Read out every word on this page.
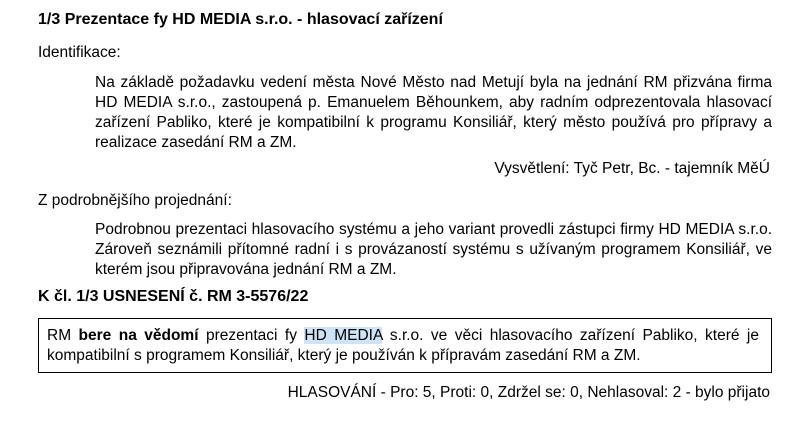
1/3 Prezentace fy HD MEDIA s.r.o. - hlasovací zařízení
Identifikace:
Na základě požadavku vedení města Nové Město nad Metují byla na jednání RM přizvána firma HD MEDIA s.r.o., zastoupená p. Emanuelem Běhounkem, aby radním odprezentovala hlasovací zařízení Pabliko, které je kompatibilní k programu Konsiliář, který město používá pro přípravy a realizace zasedání RM a ZM.
Vysvětlení: Tyč Petr, Bc. - tajemník MěÚ
Z podrobnějšího projednání:
Podrobnou prezentaci hlasovacího systému a jeho variant provedli zástupci firmy HD MEDIA s.r.o. Zároveň seznámili přítomné radní i s provázaností systému s užívaným programem Konsiliář, ve kterém jsou připravována jednání RM a ZM.
K čl. 1/3 USNESENÍ č. RM 3-5576/22
RM bere na vědomí prezentaci fy HD MEDIA s.r.o. ve věci hlasovacího zařízení Pabliko, které je kompatibilní s programem Konsiliář, který je používán k přípravám zasedání RM a ZM.
HLASOVÁNÍ - Pro: 5, Proti: 0, Zdržel se: 0, Nehlasoval: 2 - bylo přijato
